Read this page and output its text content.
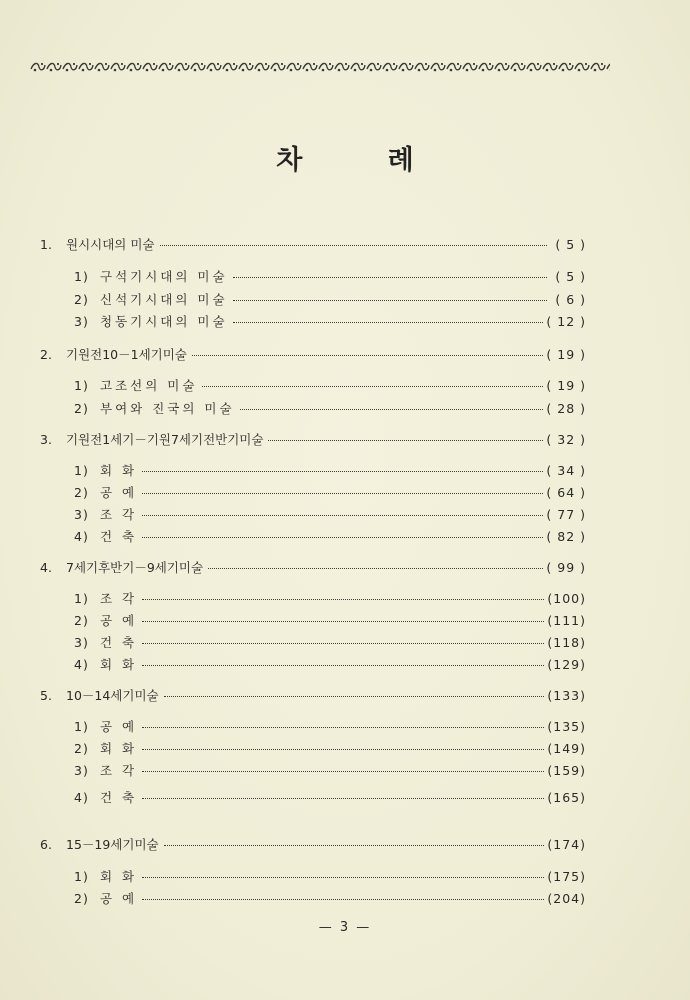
차 례
1.	원시시대의 미술	( 5 )
1) 구석기시대의 미술	( 5 )
2) 신석기시대의 미술	( 6 )
3) 청동기시대의 미술	( 12 )
2.	기원전10－1세기미술	( 19 )
1) 고조선의 미술	( 19 )
2) 부여와 진국의 미술	( 28 )
3.	기원전1세기－기원7세기전반기미술	( 32 )
1) 회 화	( 34 )
2) 공 예	( 64 )
3) 조 각	( 77 )
4) 건 축	( 82 )
4.	7세기후반기－9세기미술	( 99 )
1) 조 각	(100)
2) 공 예	(111)
3) 건 축	(118)
4) 회 화	(129)
5.	10－14세기미술	(133)
1) 공 예	(135)
2) 회 화	(149)
3) 조 각	(159)
4) 건 축	(165)
6.	15－19세기미술	(174)
1) 회 화	(175)
2) 공 예	(204)
— 3 —
